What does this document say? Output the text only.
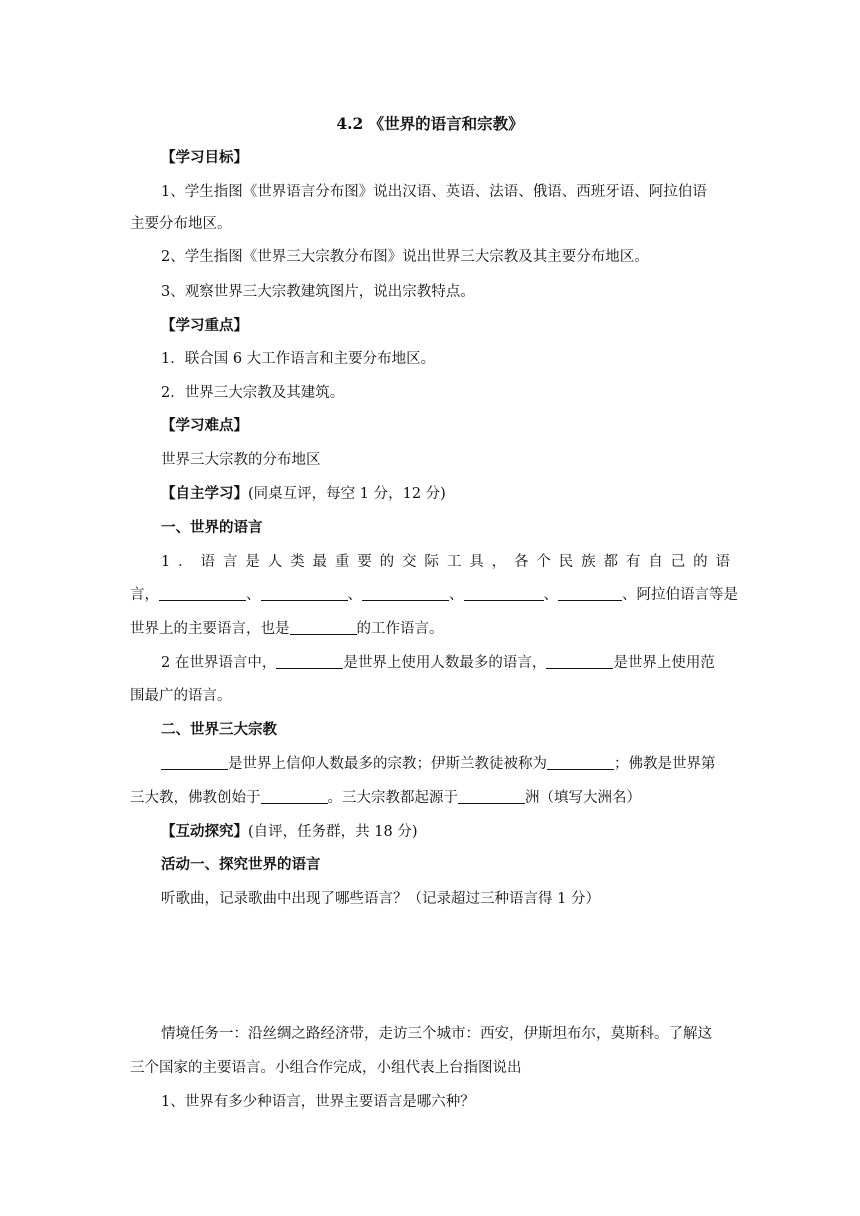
4.2 《世界的语言和宗教》
【学习目标】
1、学生指图《世界语言分布图》说出汉语、英语、法语、俄语、西班牙语、阿拉伯语
主要分布地区。
2、学生指图《世界三大宗教分布图》说出世界三大宗教及其主要分布地区。
3、观察世界三大宗教建筑图片，说出宗教特点。
【学习重点】
1．联合国 6 大工作语言和主要分布地区。
2．世界三大宗教及其建筑。
【学习难点】
世界三大宗教的分布地区
【自主学习】(同桌互评，每空 1 分，12 分)
一、世界的语言
1 ． 语 言 是 人 类 最 重 要 的 交 际 工 具 ， 各 个 民 族 都 有 自 己 的 语
言，	、	、	、	、	、阿拉伯语言等是
世界上的主要语言，也是	的工作语言。
2 在世界语言中，	是世界上使用人数最多的语言，	是世界上使用范
围最广的语言。
二、世界三大宗教
是世界上信仰人数最多的宗教；伊斯兰教徒被称为	；佛教是世界第
三大教，佛教创始于	。三大宗教都起源于	洲（填写大洲名）
【互动探究】(自评，任务群，共 18 分)
活动一、探究世界的语言
听歌曲，记录歌曲中出现了哪些语言？（记录超过三种语言得 1 分）
情境任务一：沿丝绸之路经济带，走访三个城市：西安，伊斯坦布尔，莫斯科。了解这
三个国家的主要语言。小组合作完成，小组代表上台指图说出
1、世界有多少种语言，世界主要语言是哪六种？
